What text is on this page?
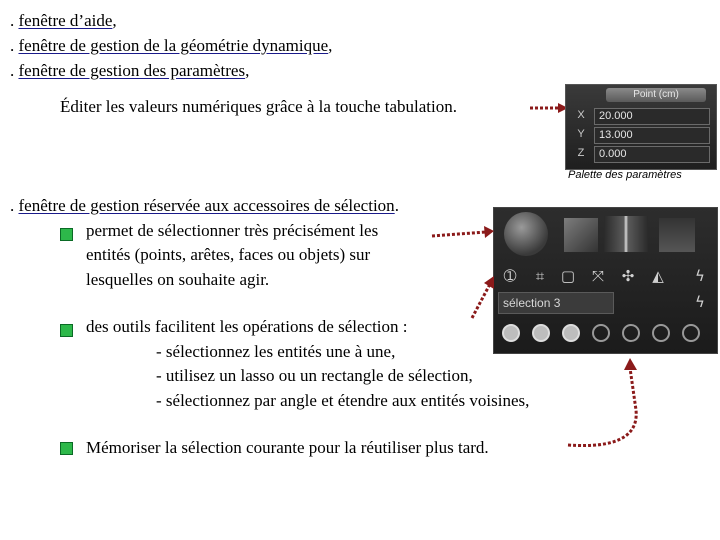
. fenêtre d’aide,
. fenêtre de gestion de la géométrie dynamique,
. fenêtre de gestion des paramètres,
Éditer les valeurs numériques grâce à la touche tabulation.
Point (cm)
X	20.000
Y	13.000
Z	0.000
Palette des paramètres
. fenêtre de gestion réservée aux accessoires de sélection.
permet de sélectionner très précisément les
entités (points, arêtes, faces ou objets) sur
lesquelles on souhaite agir.
des outils facilitent les opérations de sélection :
- sélectionnez les entités une à une,
- utilisez un lasso ou un rectangle de sélection,
- sélectionnez par angle et étendre aux entités voisines,
Mémoriser la sélection courante pour la réutiliser plus tard.
➀	⌗	▢ ⤧ ✣ ◭	ϟ
sélection 3	ϟ
